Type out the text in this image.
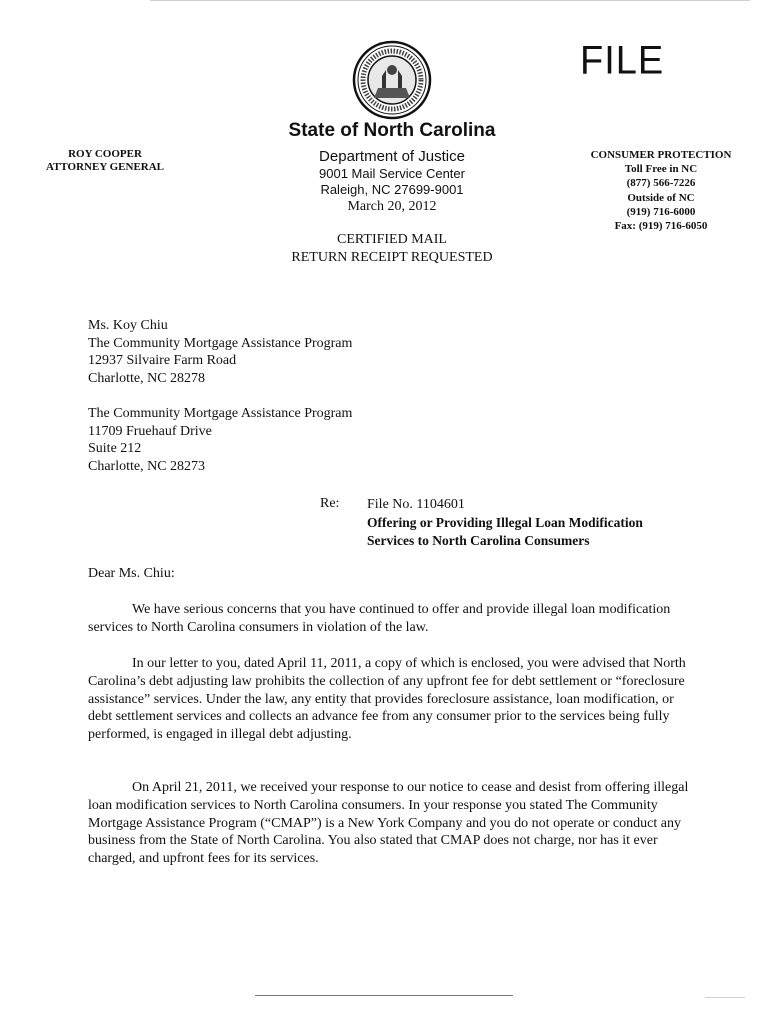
FILE
ROY COOPER
ATTORNEY GENERAL
State of North Carolina
Department of Justice
9001 Mail Service Center
Raleigh, NC 27699-9001
March 20, 2012
CONSUMER PROTECTION
Toll Free in NC
(877) 566-7226
Outside of NC
(919) 716-6000
Fax: (919) 716-6050
CERTIFIED MAIL
RETURN RECEIPT REQUESTED
Ms. Koy Chiu
The Community Mortgage Assistance Program
12937 Silvaire Farm Road
Charlotte, NC 28278
The Community Mortgage Assistance Program
11709 Fruehauf Drive
Suite 212
Charlotte, NC 28273
Re: File No. 1104601
Offering or Providing Illegal Loan Modification
Services to North Carolina Consumers
Dear Ms. Chiu:
We have serious concerns that you have continued to offer and provide illegal loan modification services to North Carolina consumers in violation of the law.
In our letter to you, dated April 11, 2011, a copy of which is enclosed, you were advised that North Carolina’s debt adjusting law prohibits the collection of any upfront fee for debt settlement or “foreclosure assistance” services. Under the law, any entity that provides foreclosure assistance, loan modification, or debt settlement services and collects an advance fee from any consumer prior to the services being fully performed, is engaged in illegal debt adjusting.
On April 21, 2011, we received your response to our notice to cease and desist from offering illegal loan modification services to North Carolina consumers. In your response you stated The Community Mortgage Assistance Program (“CMAP”) is a New York Company and you do not operate or conduct any business from the State of North Carolina. You also stated that CMAP does not charge, nor has it ever charged, and upfront fees for its services.
